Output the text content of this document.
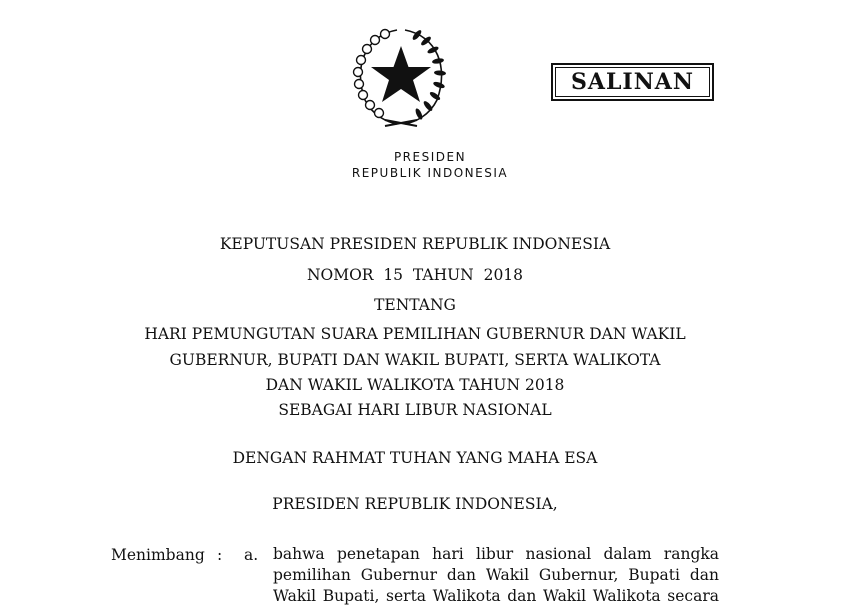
SALINAN
PRESIDEN
REPUBLIK INDONESIA
KEPUTUSAN PRESIDEN REPUBLIK INDONESIA
NOMOR  15  TAHUN  2018
TENTANG
HARI PEMUNGUTAN SUARA PEMILIHAN GUBERNUR DAN WAKIL
GUBERNUR, BUPATI DAN WAKIL BUPATI, SERTA WALIKOTA
DAN WAKIL WALIKOTA TAHUN 2018
SEBAGAI HARI LIBUR NASIONAL
DENGAN RAHMAT TUHAN YANG MAHA ESA
PRESIDEN REPUBLIK INDONESIA,
Menimbang : a. bahwa  penetapan  hari  libur  nasional  dalam  rangka
pemilihan Gubernur dan Wakil Gubernur, Bupati dan
Wakil Bupati, serta Walikota dan Wakil Walikota secara
